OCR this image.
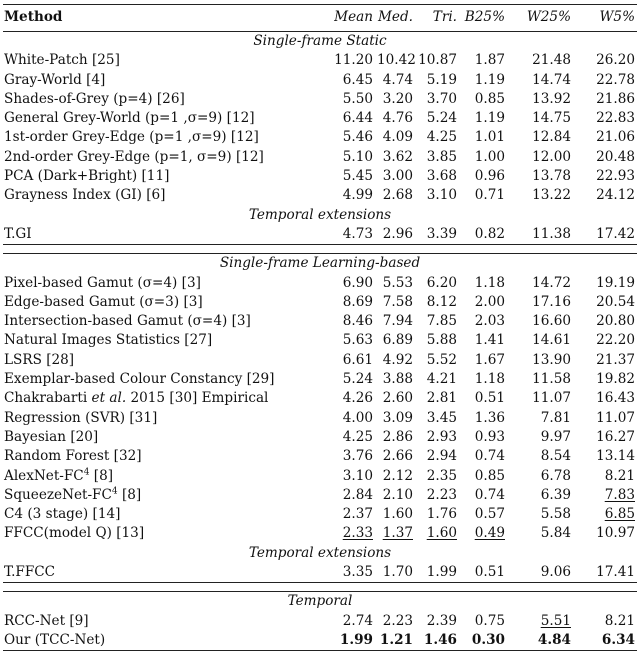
Method	Mean	Med.	Tri.	B25%	W25%	W5%
Single-frame Static						
White-Patch [25]	11.20	10.42	10.87	1.87	21.48	26.20
Gray-World [4]	6.45	4.74	5.19	1.19	14.74	22.78
Shades-of-Grey (p=4) [26]	5.50	3.20	3.70	0.85	13.92	21.86
General Grey-World (p=1 ,σ=9) [12]	6.44	4.76	5.24	1.19	14.75	22.83
1st-order Grey-Edge (p=1 ,σ=9) [12]	5.46	4.09	4.25	1.01	12.84	21.06
2nd-order Grey-Edge (p=1, σ=9) [12]	5.10	3.62	3.85	1.00	12.00	20.48
PCA (Dark+Bright) [11]	5.45	3.00	3.68	0.96	13.78	22.93
Grayness Index (GI) [6]	4.99	2.68	3.10	0.71	13.22	24.12
Temporal extensions						
T.GI	4.73	2.96	3.39	0.82	11.38	17.42

Single-frame Learning-based						
Pixel-based Gamut (σ=4) [3]	6.90	5.53	6.20	1.18	14.72	19.19
Edge-based Gamut (σ=3) [3]	8.69	7.58	8.12	2.00	17.16	20.54
Intersection-based Gamut (σ=4) [3]	8.46	7.94	7.85	2.03	16.60	20.80
Natural Images Statistics [27]	5.63	6.89	5.88	1.41	14.61	22.20
LSRS [28]	6.61	4.92	5.52	1.67	13.90	21.37
Exemplar-based Colour Constancy [29]	5.24	3.88	4.21	1.18	11.58	19.82
Chakrabarti et al. 2015 [30] Empirical	4.26	2.60	2.81	0.51	11.07	16.43
Regression (SVR) [31]	4.00	3.09	3.45	1.36	7.81	11.07
Bayesian [20]	4.25	2.86	2.93	0.93	9.97	16.27
Random Forest [32]	3.76	2.66	2.94	0.74	8.54	13.14
AlexNet-$FC^4$ [8]	3.10	2.12	2.35	0.85	6.78	8.21
SqueezeNet-$FC^4$ [8]	2.84	2.10	2.23	0.74	6.39	7.83
C4 (3 stage) [14]	2.37	1.60	1.76	0.57	5.58	6.85
FFCC(model Q) [13]	2.33	1.37	1.60	0.49	5.84	10.97
Temporal extensions						
T.FFCC	3.35	1.70	1.99	0.51	9.06	17.41

Temporal						
RCC-Net [9]	2.74	2.23	2.39	0.75	5.51	8.21
Our (TCC-Net)	1.99	1.21	1.46	0.30	4.84	6.34
